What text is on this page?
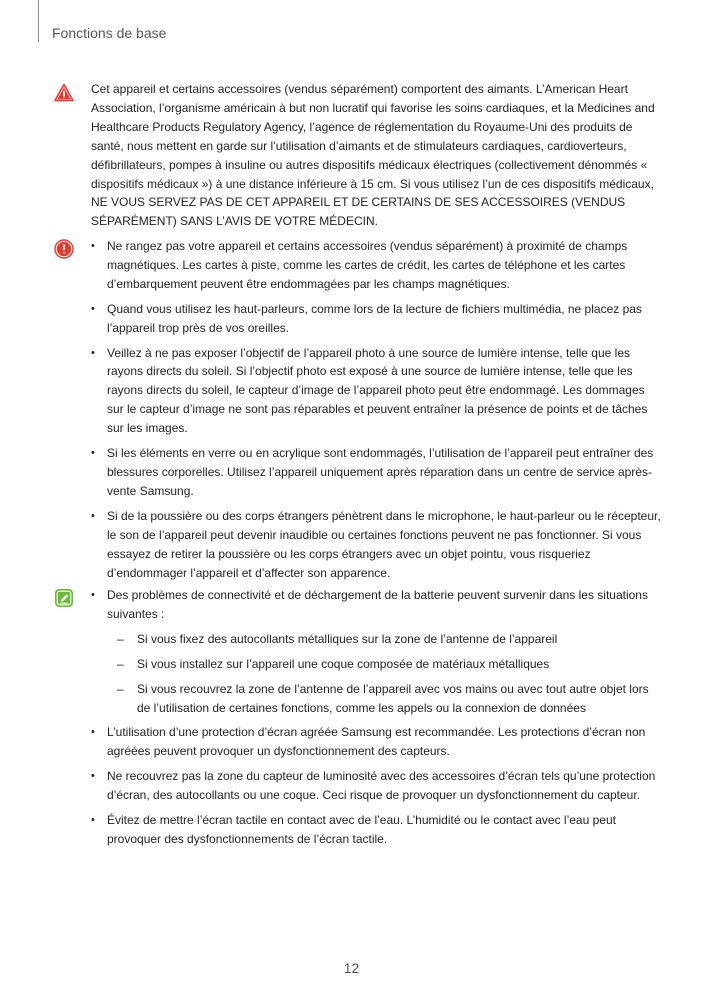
Fonctions de base
Cet appareil et certains accessoires (vendus séparément) comportent des aimants. L’American Heart Association, l’organisme américain à but non lucratif qui favorise les soins cardiaques, et la Medicines and Healthcare Products Regulatory Agency, l’agence de réglementation du Royaume-Uni des produits de santé, nous mettent en garde sur l’utilisation d’aimants et de stimulateurs cardiaques, cardioverteurs, défibrillateurs, pompes à insuline ou autres dispositifs médicaux électriques (collectivement dénommés « dispositifs médicaux ») à une distance inférieure à 15 cm. Si vous utilisez l’un de ces dispositifs médicaux, NE VOUS SERVEZ PAS DE CET APPAREIL ET DE CERTAINS DE SES ACCESSOIRES (VENDUS SÉPARÉMENT) SANS L’AVIS DE VOTRE MÉDECIN.
• Ne rangez pas votre appareil et certains accessoires (vendus séparément) à proximité de champs magnétiques. Les cartes à piste, comme les cartes de crédit, les cartes de téléphone et les cartes d’embarquement peuvent être endommagées par les champs magnétiques.
• Quand vous utilisez les haut-parleurs, comme lors de la lecture de fichiers multimédia, ne placez pas l’appareil trop près de vos oreilles.
• Veillez à ne pas exposer l’objectif de l’appareil photo à une source de lumière intense, telle que les rayons directs du soleil. Si l’objectif photo est exposé à une source de lumière intense, telle que les rayons directs du soleil, le capteur d’image de l’appareil photo peut être endommagé. Les dommages sur le capteur d’image ne sont pas réparables et peuvent entraîner la présence de points et de tâches sur les images.
• Si les éléments en verre ou en acrylique sont endommagés, l’utilisation de l’appareil peut entraîner des blessures corporelles. Utilisez l’appareil uniquement après réparation dans un centre de service après-vente Samsung.
• Si de la poussière ou des corps étrangers pénètrent dans le microphone, le haut-parleur ou le récepteur, le son de l’appareil peut devenir inaudible ou certaines fonctions peuvent ne pas fonctionner. Si vous essayez de retirer la poussière ou les corps étrangers avec un objet pointu, vous risqueriez d’endommager l’appareil et d’affecter son apparence.
• Des problèmes de connectivité et de déchargement de la batterie peuvent survenir dans les situations suivantes :
– Si vous fixez des autocollants métalliques sur la zone de l’antenne de l’appareil
– Si vous installez sur l’appareil une coque composée de matériaux métalliques
– Si vous recouvrez la zone de l’antenne de l’appareil avec vos mains ou avec tout autre objet lors de l’utilisation de certaines fonctions, comme les appels ou la connexion de données
• L’utilisation d’une protection d’écran agréée Samsung est recommandée. Les protections d’écran non agréées peuvent provoquer un dysfonctionnement des capteurs.
• Ne recouvrez pas la zone du capteur de luminosité avec des accessoires d’écran tels qu’une protection d’écran, des autocollants ou une coque. Ceci risque de provoquer un dysfonctionnement du capteur.
• Évitez de mettre l’écran tactile en contact avec de l’eau. L’humidité ou le contact avec l’eau peut provoquer des dysfonctionnements de l’écran tactile.
12
